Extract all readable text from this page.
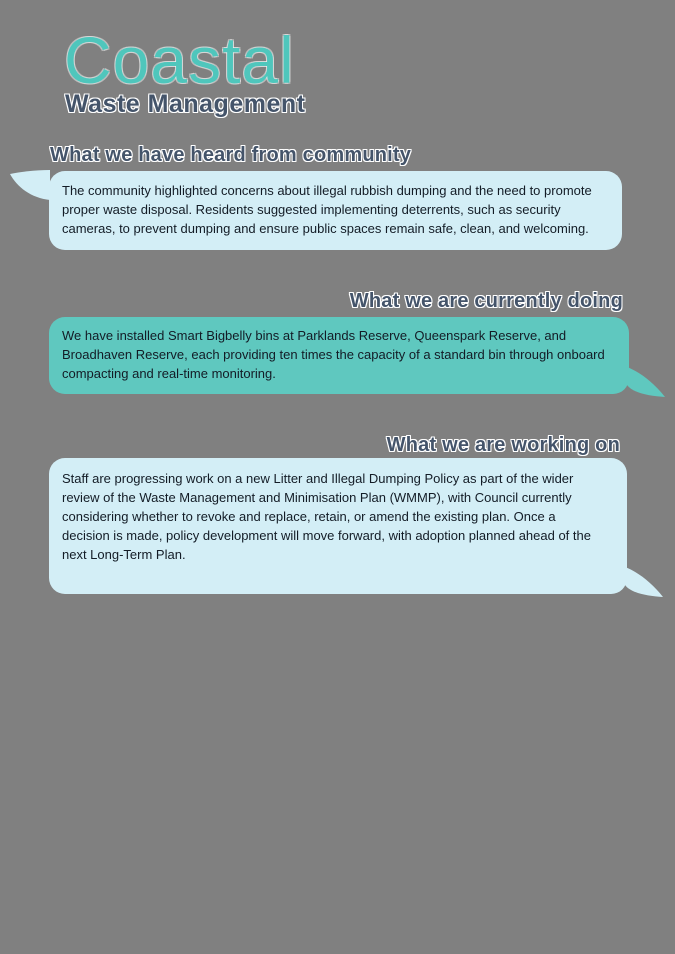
Coastal
Waste Management
What we have heard from community

The community highlighted concerns about illegal rubbish dumping and the need to promote proper waste disposal. Residents suggested implementing deterrents, such as security cameras, to prevent dumping and ensure public spaces remain safe, clean, and welcoming.

What we are currently doing

We have installed Smart Bigbelly bins at Parklands Reserve, Queenspark Reserve, and Broadhaven Reserve, each providing ten times the capacity of a standard bin through onboard compacting and real-time monitoring.

What we are working on

Staff are progressing work on a new Litter and Illegal Dumping Policy as part of the wider review of the Waste Management and Minimisation Plan (WMMP), with Council currently considering whether to revoke and replace, retain, or amend the existing plan. Once a decision is made, policy development will move forward, with adoption planned ahead of the next Long-Term Plan.
